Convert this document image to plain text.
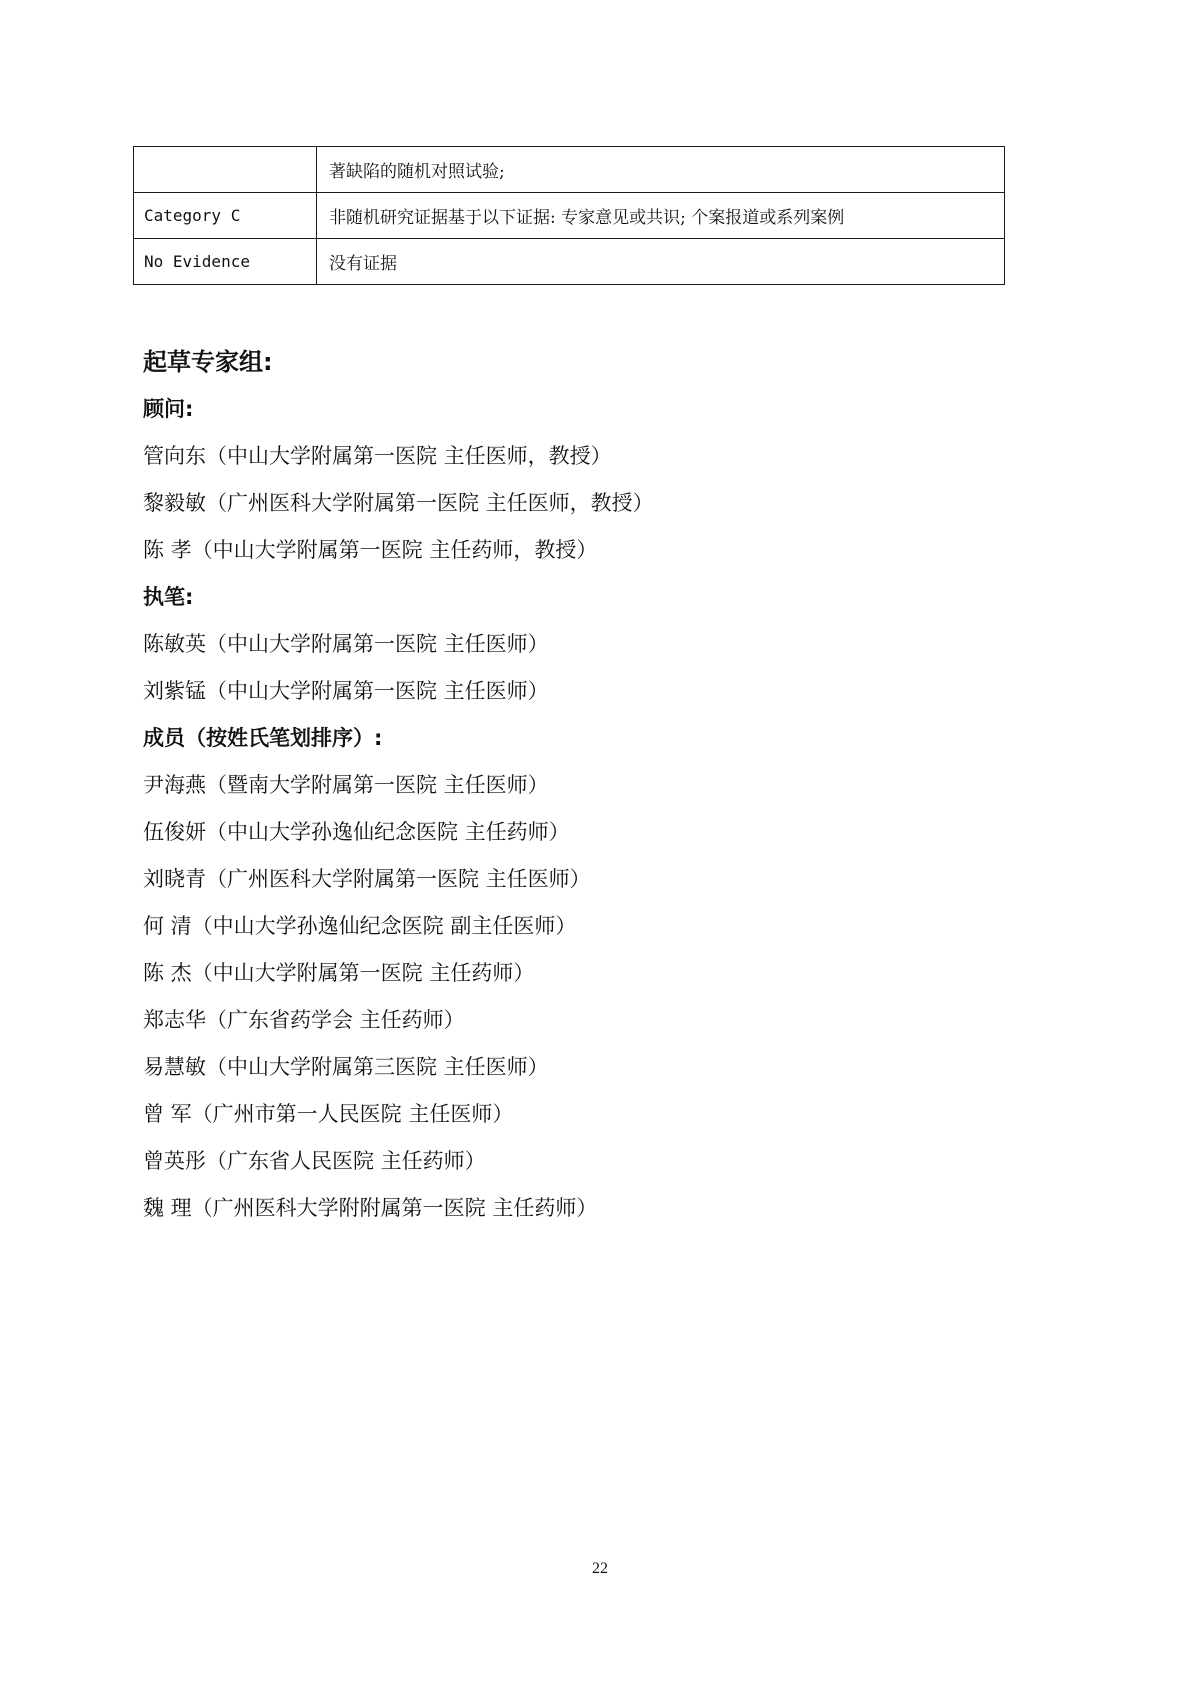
	著缺陷的随机对照试验;
Category C	非随机研究证据基于以下证据: 专家意见或共识; 个案报道或系列案例
No Evidence	没有证据
起草专家组:
顾问:
管向东（中山大学附属第一医院 主任医师，教授）
黎毅敏（广州医科大学附属第一医院 主任医师，教授）
陈 孝（中山大学附属第一医院 主任药师，教授）
执笔:
陈敏英（中山大学附属第一医院 主任医师）
刘紫锰（中山大学附属第一医院 主任医师）
成员（按姓氏笔划排序）:
尹海燕（暨南大学附属第一医院 主任医师）
伍俊妍（中山大学孙逸仙纪念医院 主任药师）
刘晓青（广州医科大学附属第一医院 主任医师）
何 清（中山大学孙逸仙纪念医院 副主任医师）
陈 杰（中山大学附属第一医院 主任药师）
郑志华（广东省药学会 主任药师）
易慧敏（中山大学附属第三医院 主任医师）
曾 军（广州市第一人民医院 主任医师）
曾英彤（广东省人民医院 主任药师）
魏 理（广州医科大学附附属第一医院 主任药师）
22
